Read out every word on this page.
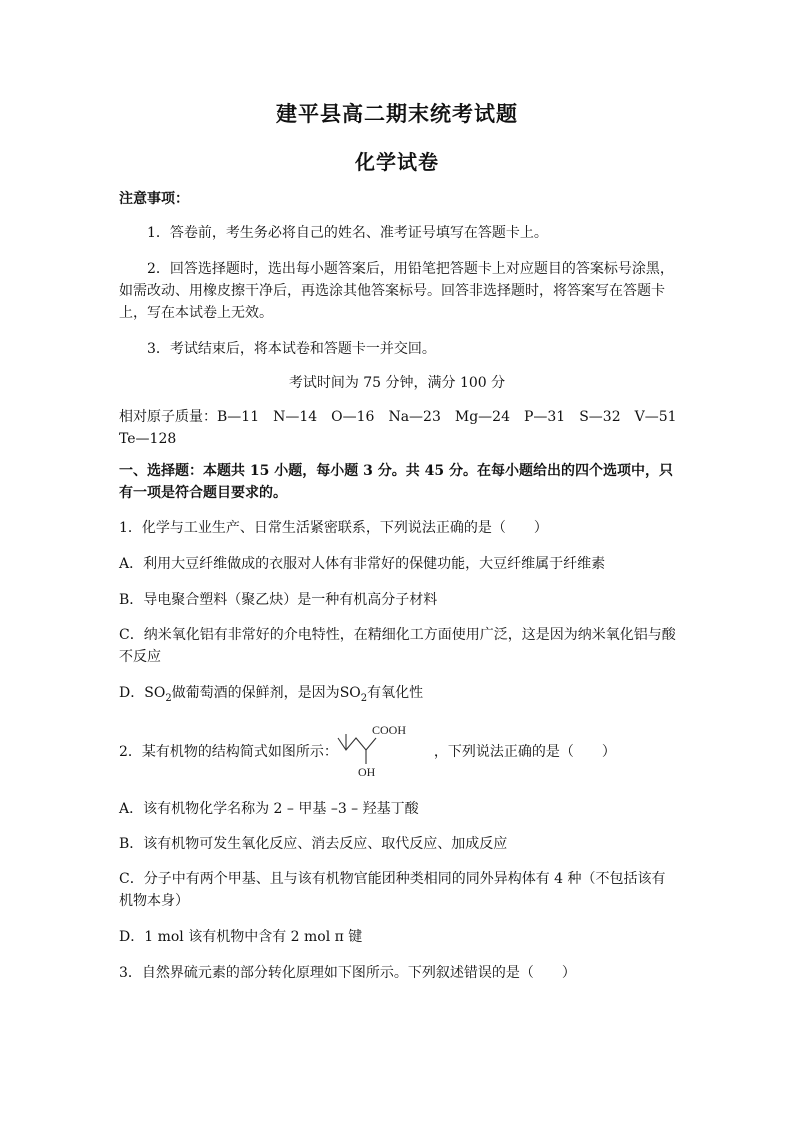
建平县高二期末统考试题
化学试卷
注意事项：
1．答卷前，考生务必将自己的姓名、准考证号填写在答题卡上。
2．回答选择题时，选出每小题答案后，用铅笔把答题卡上对应题目的答案标号涂黑，如需改动、用橡皮擦干净后，再选涂其他答案标号。回答非选择题时，将答案写在答题卡上，写在本试卷上无效。
3．考试结束后，将本试卷和答题卡一并交回。
考试时间为 75 分钟，满分 100 分
相对原子质量：B—11　N—14　O—16　Na—23　Mg—24　P—31　S—32　V—51　Te—128
一、选择题：本题共 15 小题，每小题 3 分。共 45 分。在每小题给出的四个选项中，只有一项是符合题目要求的。
1．化学与工业生产、日常生活紧密联系，下列说法正确的是（　　）
A．利用大豆纤维做成的衣服对人体有非常好的保健功能，大豆纤维属于纤维素
B．导电聚合塑料（聚乙炔）是一种有机高分子材料
C．纳米氧化铝有非常好的介电特性，在精细化工方面使用广泛，这是因为纳米氧化铝与酸不反应
D．$SO_2$做葡萄酒的保鲜剂，是因为$SO_2$有氧化性
2．某有机物的结构简式如图所示：	，下列说法正确的是（　　）
COOH
OH
A．该有机物化学名称为 2 – 甲基 –3 – 羟基丁酸
B．该有机物可发生氧化反应、消去反应、取代反应、加成反应
C．分子中有两个甲基、且与该有机物官能团种类相同的同外异构体有 4 种（不包括该有机物本身）
D．1 mol 该有机物中含有 2 mol π 键
3．自然界硫元素的部分转化原理如下图所示。下列叙述错误的是（　　）
